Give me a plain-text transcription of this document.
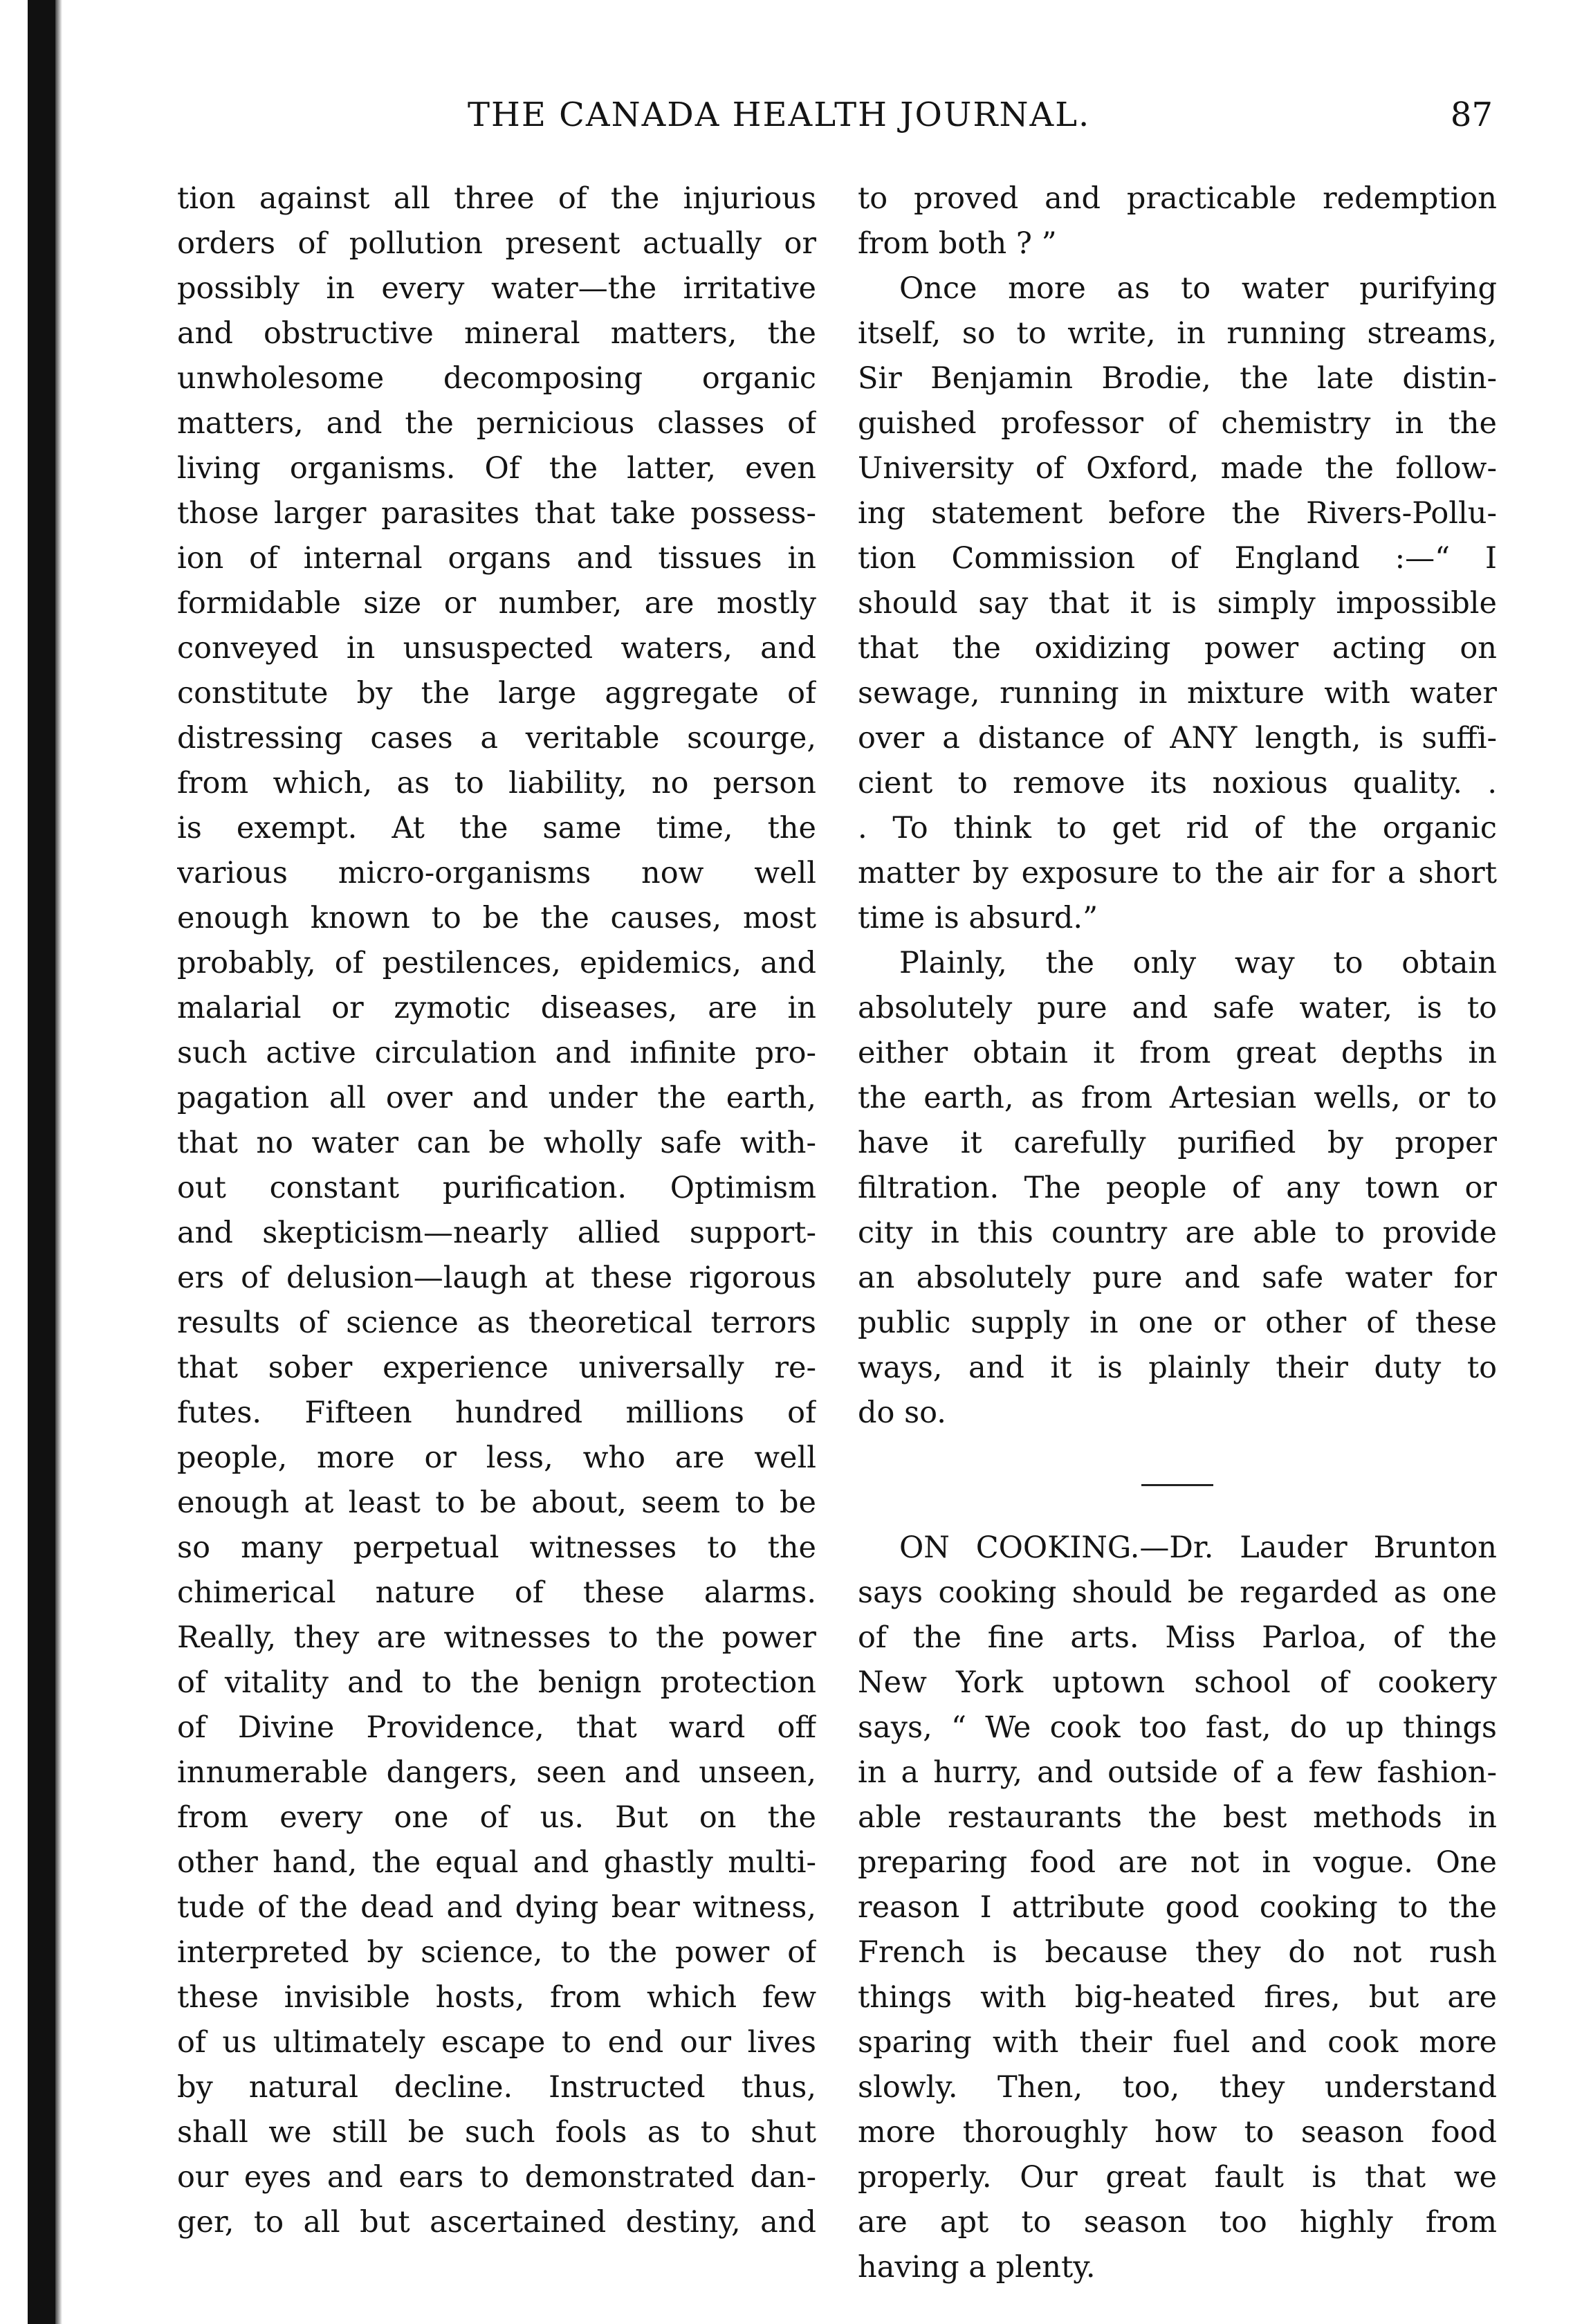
THE CANADA HEALTH JOURNAL.	87
tion against all three of the injurious
orders of pollution present actually or
possibly in every water—the irritative
and obstructive mineral matters, the
unwholesome decomposing organic
matters, and the pernicious classes of
living organisms. Of the latter, even
those larger parasites that take possess-
ion of internal organs and tissues in
formidable size or number, are mostly
conveyed in unsuspected waters, and
constitute by the large aggregate of
distressing cases a veritable scourge,
from which, as to liability, no person
is exempt. At the same time, the
various micro-organisms now well
enough known to be the causes, most
probably, of pestilences, epidemics, and
malarial or zymotic diseases, are in
such active circulation and infinite pro-
pagation all over and under the earth,
that no water can be wholly safe with-
out constant purification. Optimism
and skepticism—nearly allied support-
ers of delusion—laugh at these rigorous
results of science as theoretical terrors
that sober experience universally re-
futes. Fifteen hundred millions of
people, more or less, who are well
enough at least to be about, seem to be
so many perpetual witnesses to the
chimerical nature of these alarms.
Really, they are witnesses to the power
of vitality and to the benign protection
of Divine Providence, that ward off
innumerable dangers, seen and unseen,
from every one of us. But on the
other hand, the equal and ghastly multi-
tude of the dead and dying bear witness,
interpreted by science, to the power of
these invisible hosts, from which few
of us ultimately escape to end our lives
by natural decline. Instructed thus,
shall we still be such fools as to shut
our eyes and ears to demonstrated dan-
ger, to all but ascertained destiny, and
to proved and practicable redemption
from both ? ”
Once more as to water purifying
itself, so to write, in running streams,
Sir Benjamin Brodie, the late distin-
guished professor of chemistry in the
University of Oxford, made the follow-
ing statement before the Rivers-Pollu-
tion Commission of England :—“ I
should say that it is simply impossible
that the oxidizing power acting on
sewage, running in mixture with water
over a distance of ANY length, is suffi-
cient to remove its noxious quality. .
. To think to get rid of the organic
matter by exposure to the air for a short
time is absurd.”
Plainly, the only way to obtain
absolutely pure and safe water, is to
either obtain it from great depths in
the earth, as from Artesian wells, or to
have it carefully purified by proper
filtration. The people of any town or
city in this country are able to provide
an absolutely pure and safe water for
public supply in one or other of these
ways, and it is plainly their duty to
do so.
ON COOKING.—Dr. Lauder Brunton
says cooking should be regarded as one
of the fine arts. Miss Parloa, of the
New York uptown school of cookery
says, “ We cook too fast, do up things
in a hurry, and outside of a few fashion-
able restaurants the best methods in
preparing food are not in vogue. One
reason I attribute good cooking to the
French is because they do not rush
things with big-heated fires, but are
sparing with their fuel and cook more
slowly. Then, too, they understand
more thoroughly how to season food
properly. Our great fault is that we
are apt to season too highly from
having a plenty.
